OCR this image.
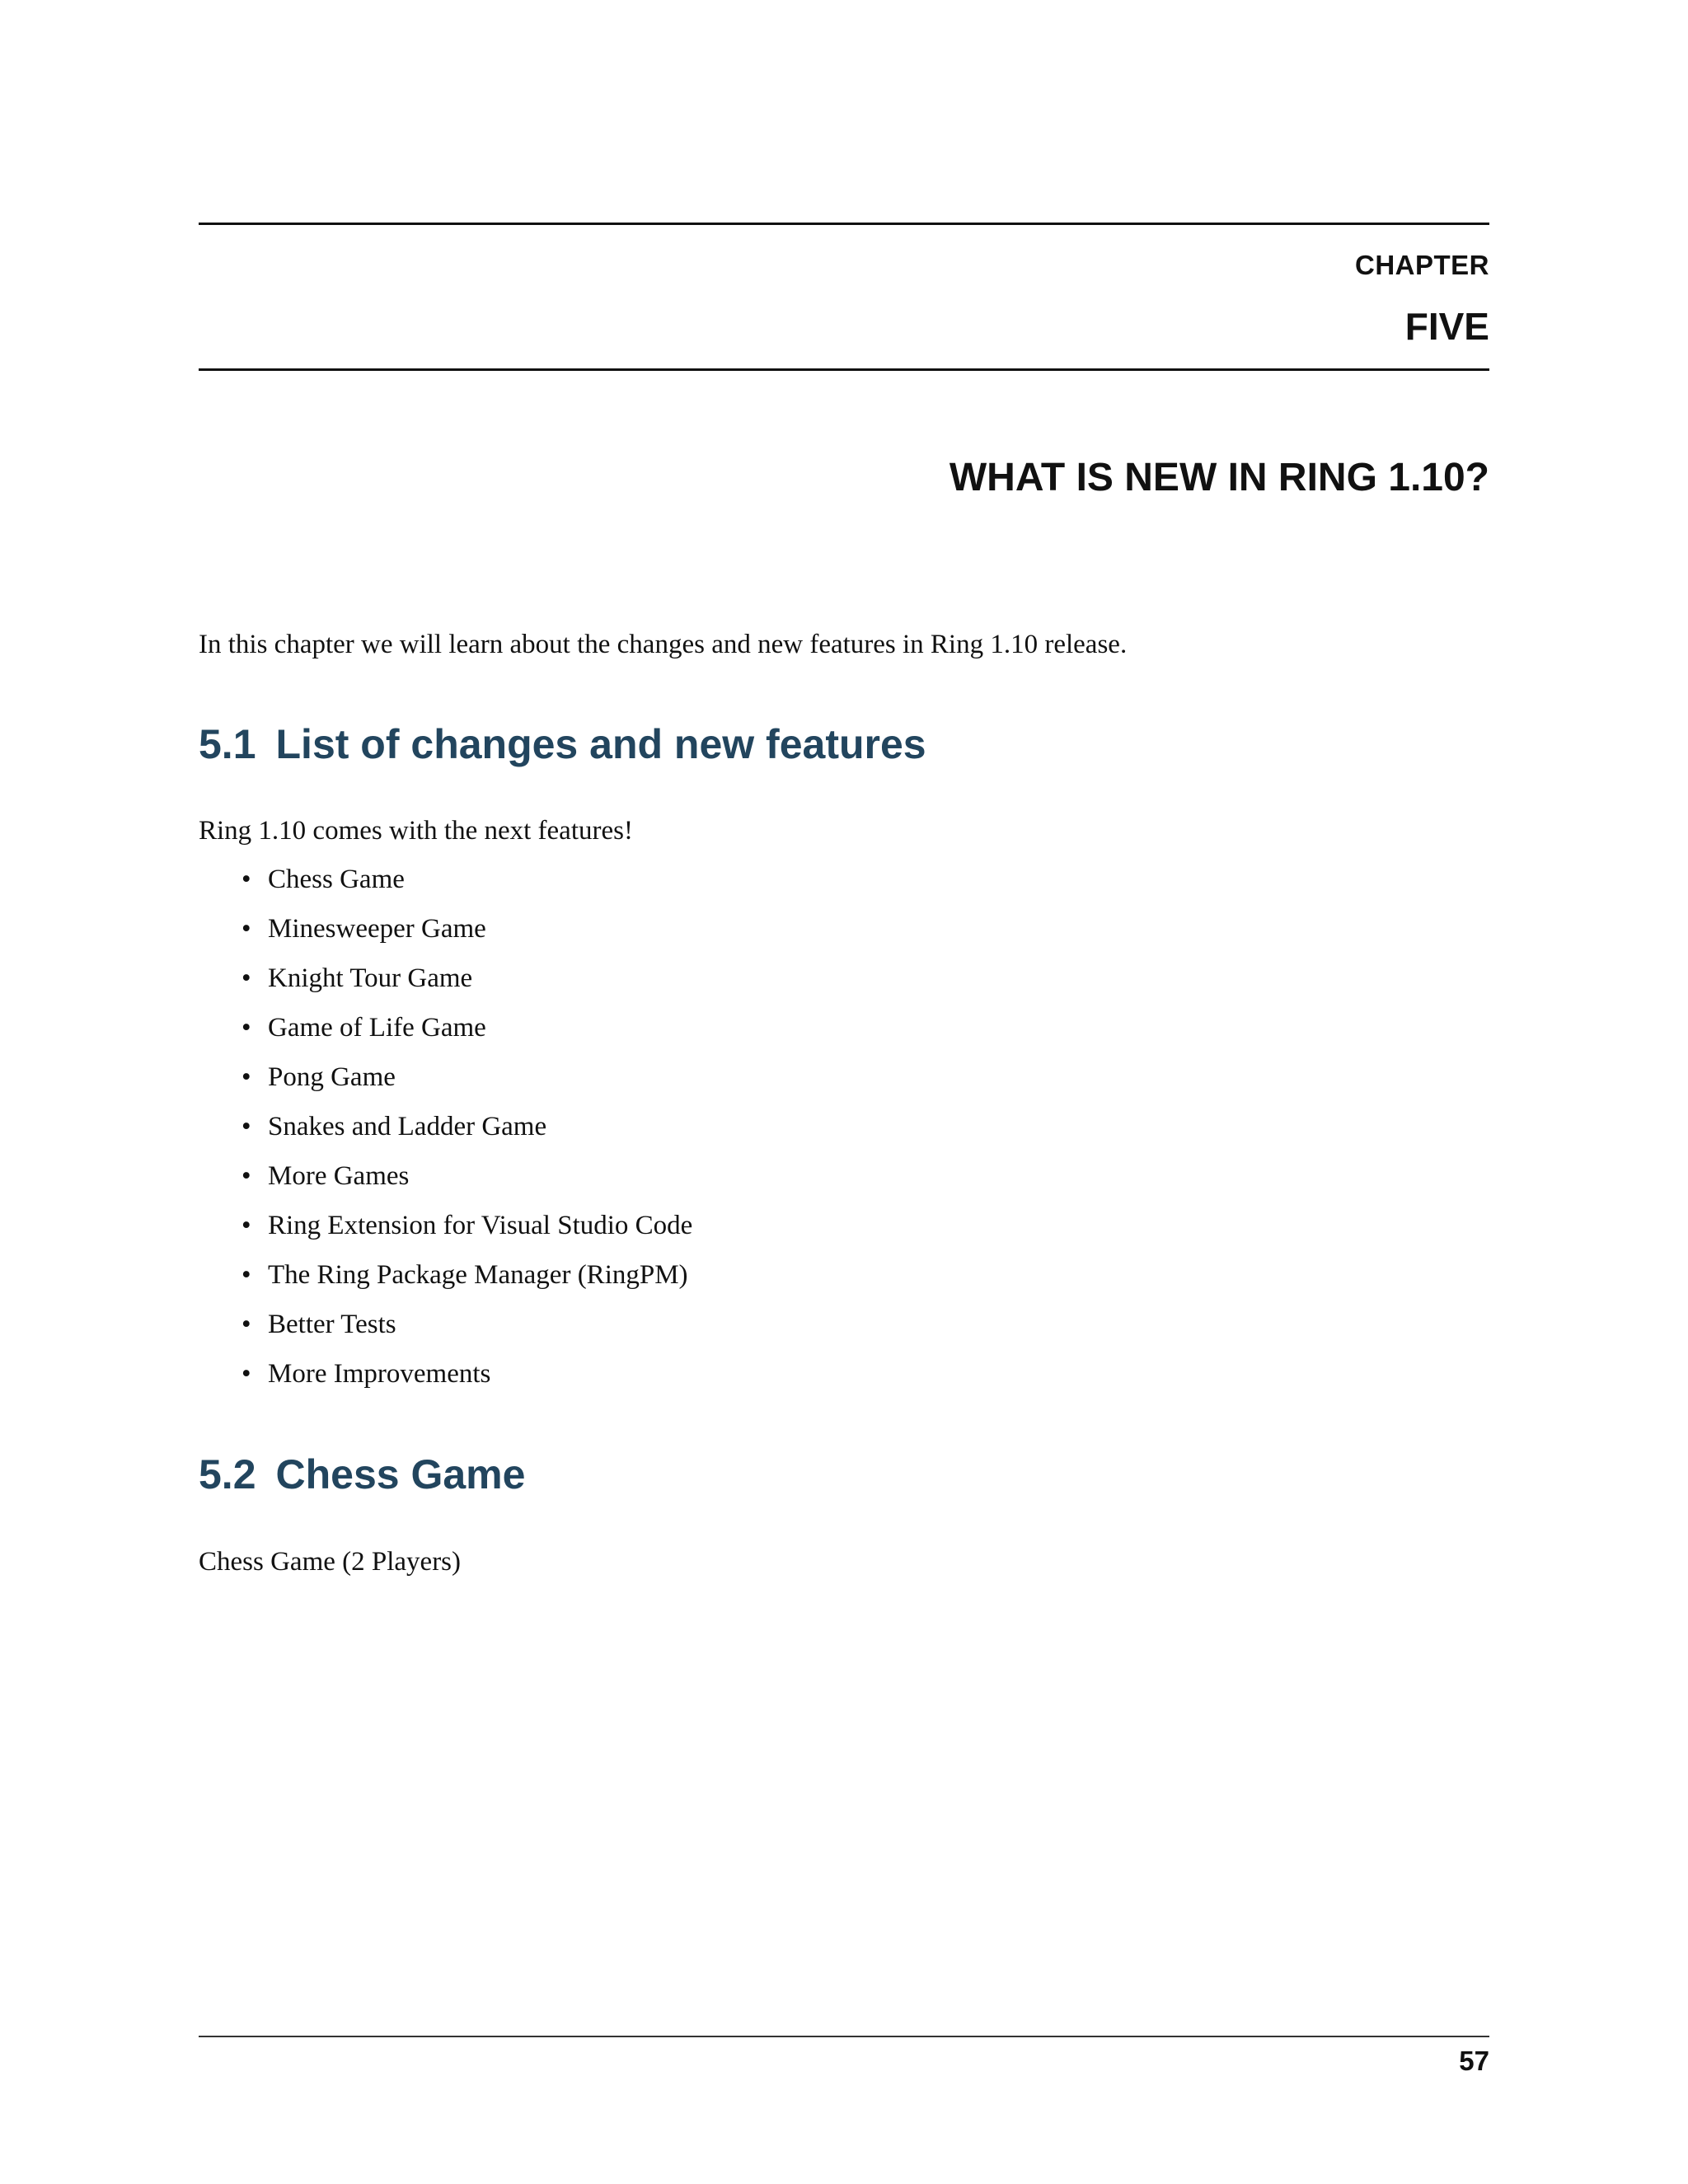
CHAPTER

FIVE

WHAT IS NEW IN RING 1.10?

In this chapter we will learn about the changes and new features in Ring 1.10 release.

5.1 List of changes and new features

Ring 1.10 comes with the next features!

• Chess Game
• Minesweeper Game
• Knight Tour Game
• Game of Life Game
• Pong Game
• Snakes and Ladder Game
• More Games
• Ring Extension for Visual Studio Code
• The Ring Package Manager (RingPM)
• Better Tests
• More Improvements
5.2 Chess Game

Chess Game (2 Players)

57
